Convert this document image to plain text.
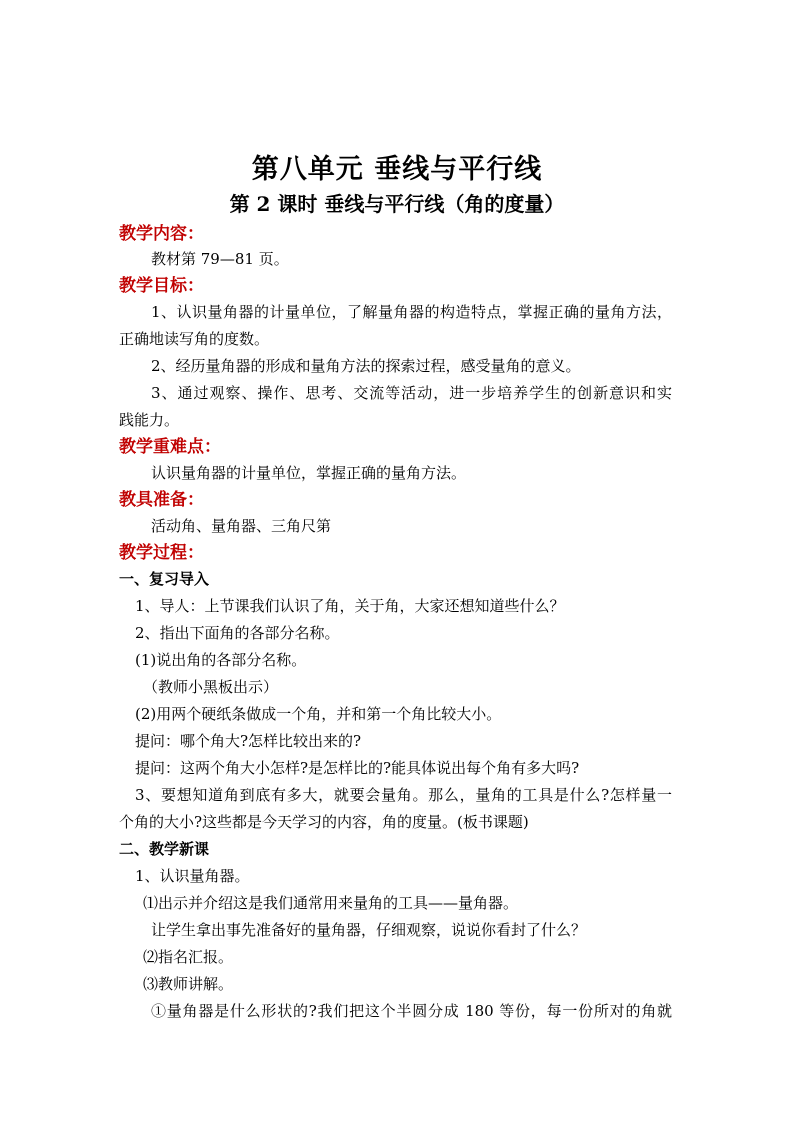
第八单元 垂线与平行线
第 2 课时 垂线与平行线（角的度量）
教学内容：
教材第 79—81 页。
教学目标：
1、认识量角器的计量单位，了解量角器的构造特点，掌握正确的量角方法，
正确地读写角的度数。
2、经历量角器的形成和量角方法的探索过程，感受量角的意义。
3、通过观察、操作、思考、交流等活动，进一步培养学生的创新意识和实
践能力。
教学重难点：
认识量角器的计量单位，掌握正确的量角方法。
教具准备：
活动角、量角器、三角尺第
教学过程：
一、复习导入
1、导人：上节课我们认识了角，关于角，大家还想知道些什么？
2、指出下面角的各部分名称。
(1)说出角的各部分名称。
（教师小黑板出示）
(2)用两个硬纸条做成一个角，并和第一个角比较大小。
提问：哪个角大?怎样比较出来的?
提问：这两个角大小怎样?是怎样比的?能具体说出每个角有多大吗?
3、要想知道角到底有多大，就要会量角。那么，量角的工具是什么?怎样量一
个角的大小?这些都是今天学习的内容，角的度量。(板书课题)
二、教学新课
1、认识量角器。
⑴出示并介绍这是我们通常用来量角的工具——量角器。
让学生拿出事先准备好的量角器，仔细观察，说说你看封了什么？
⑵指名汇报。
⑶教师讲解。
①量角器是什么形状的?我们把这个半圆分成 180 等份，每一份所对的角就
